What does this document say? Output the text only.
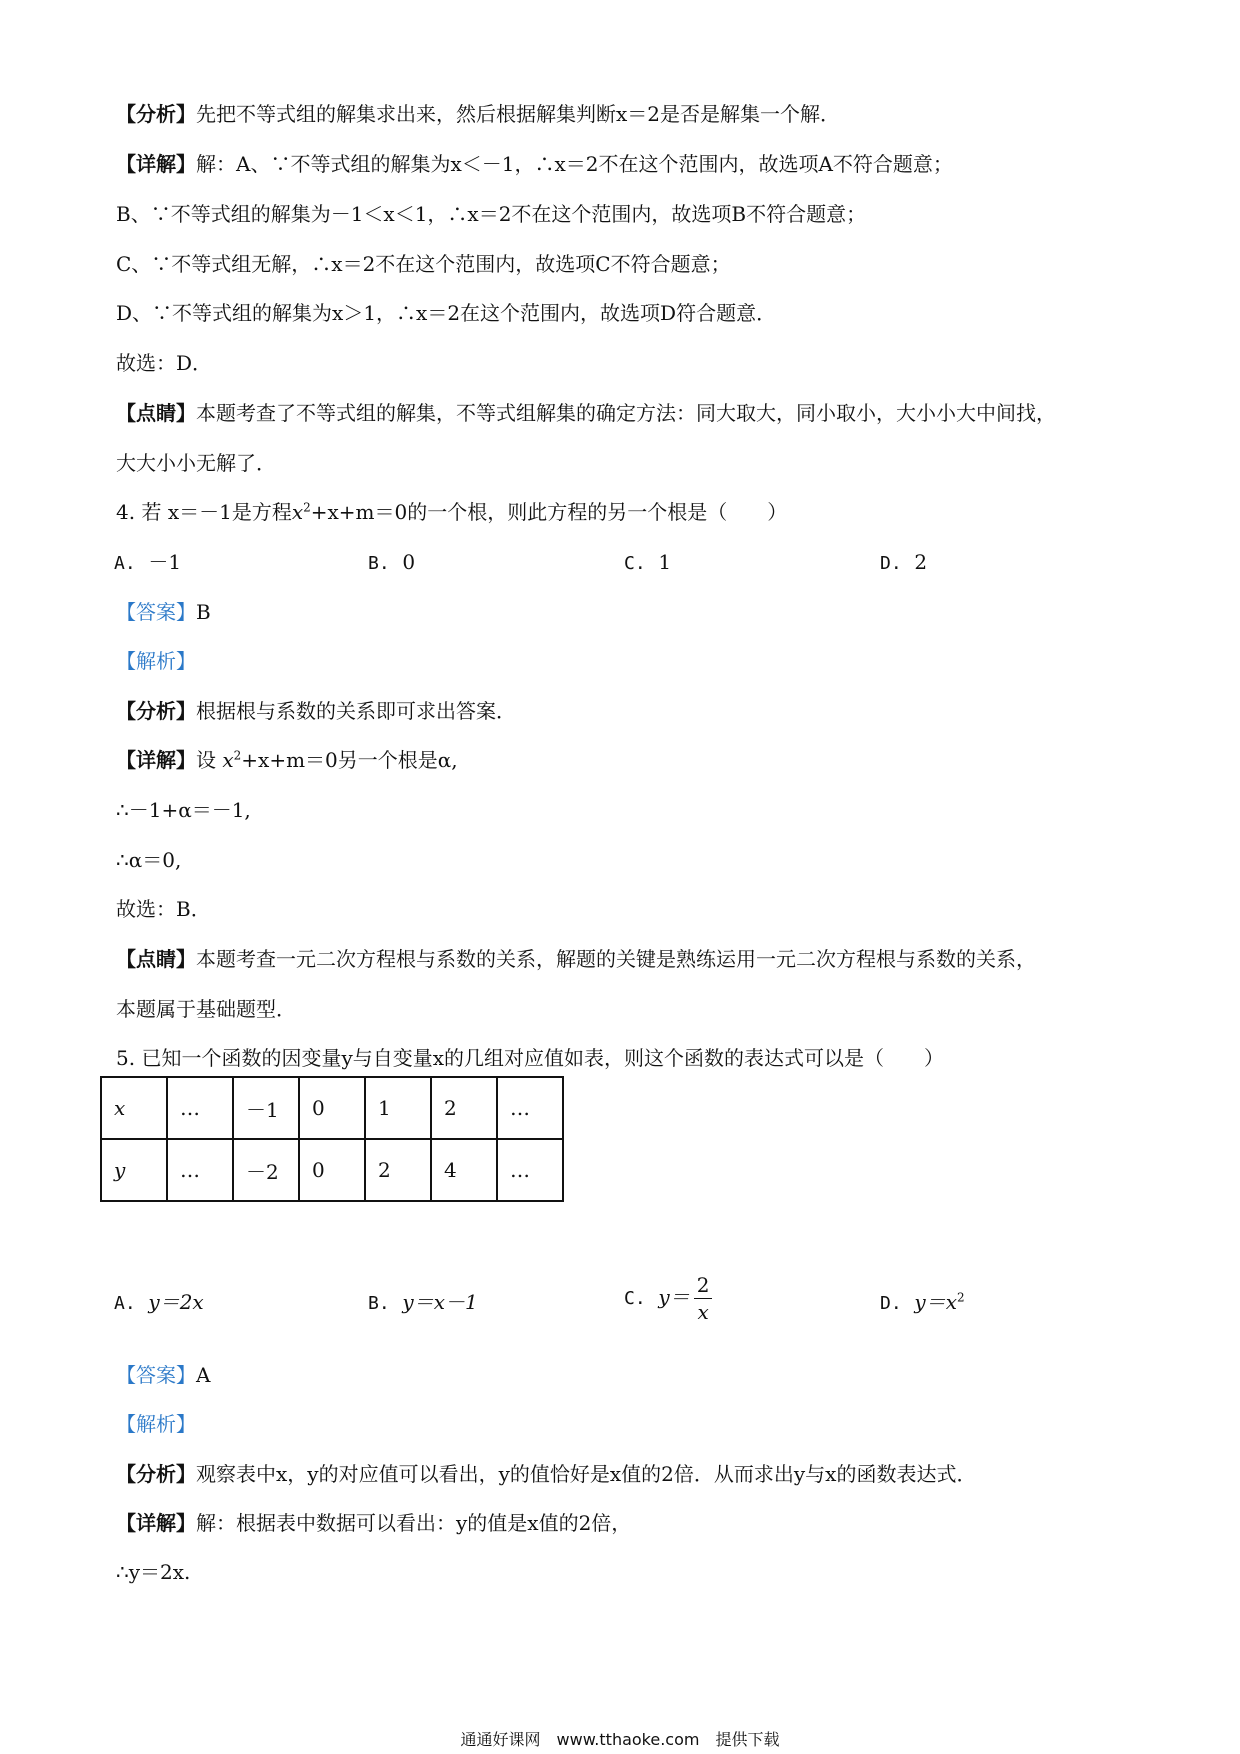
【分析】先把不等式组的解集求出来，然后根据解集判断x＝2是否是解集一个解．
【详解】解：A、∵不等式组的解集为x＜－1，∴x＝2不在这个范围内，故选项A不符合题意；
B、∵不等式组的解集为－1＜x＜1，∴x＝2不在这个范围内，故选项B不符合题意；
C、∵不等式组无解，∴x＝2不在这个范围内，故选项C不符合题意；
D、∵不等式组的解集为x＞1，∴x＝2在这个范围内，故选项D符合题意．
故选：D．
【点睛】本题考查了不等式组的解集，不等式组解集的确定方法：同大取大，同小取小，大小小大中间找，
大大小小无解了．
4. 若 x＝－1是方程$x^2+x+m=0$的一个根，则此方程的另一个根是（　　）
A. －1	B. 0	C. 1	D. 2
【答案】B
【解析】
【分析】根据根与系数的关系即可求出答案．
【详解】设 $x^2+x+m=0$另一个根是α,
∴－1+α＝－1,
∴α＝0,
故选：B．
【点睛】本题考查一元二次方程根与系数的关系，解题的关键是熟练运用一元二次方程根与系数的关系，
本题属于基础题型．
5. 已知一个函数的因变量y与自变量x的几组对应值如表，则这个函数的表达式可以是（　　）
x	…	－1	0	1	2	…
y	…	－2	0	2	4	…
A. y＝2x	B. y＝x－1	C. $y= \frac{2}{x}$	D. $y=x^2$
【答案】A
【解析】
【分析】观察表中x，y的对应值可以看出，y的值恰好是x值的2倍．从而求出y与x的函数表达式．
【详解】解：根据表中数据可以看出：y的值是x值的2倍，
∴y＝2x.
通通好课网　www.tthaoke.com　提供下载
